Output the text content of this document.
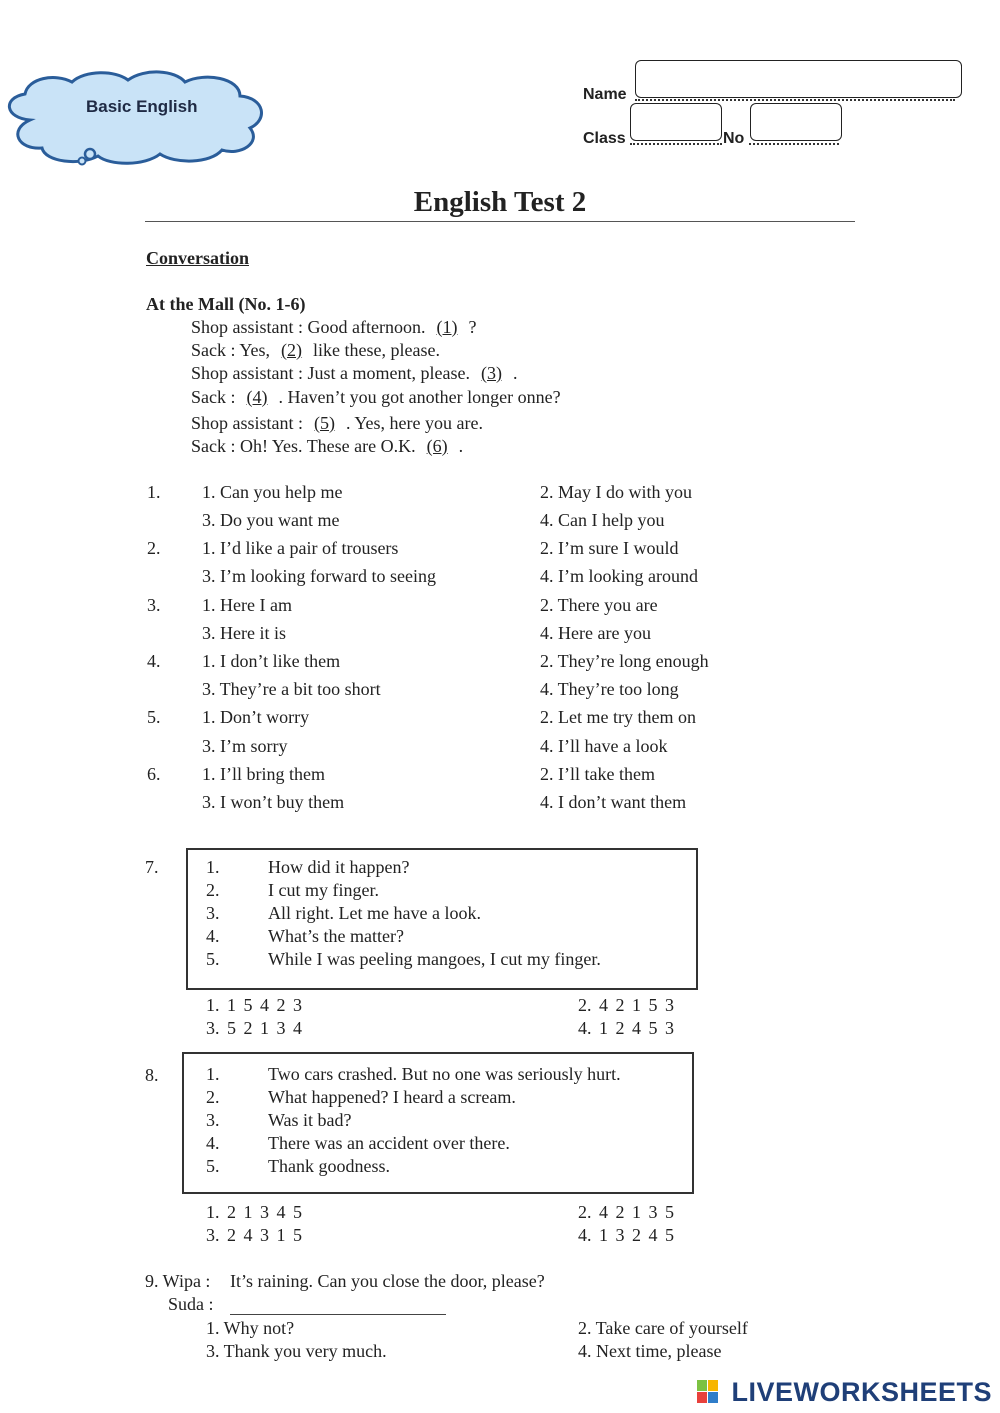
Basic English
Name
Class	No
English Test 2
Conversation
At the Mall (No. 1-6)
Shop assistant : Good afternoon. (1) ?
Sack : Yes, (2) like these, please.
Shop assistant : Just a moment, please. (3) .
Sack : (4) . Haven’t you got another longer onne?
Shop assistant : (5) . Yes, here you are.
Sack : Oh! Yes. These are O.K. (6) .
1. 1. Can you help me	2. May I do with you
3. Do you want me	4. Can I help you
2. 1. I’d like a pair of trousers	2. I’m sure I would
3. I’m looking forward to seeing	4. I’m looking around
3. 1. Here I am	2. There you are
3. Here it is	4. Here are you
4. 1. I don’t like them	2. They’re long enough
3. They’re a bit too short	4. They’re too long
5. 1. Don’t worry	2. Let me try them on
3. I’m sorry	4. I’ll have a look
6. 1. I’ll bring them	2. I’ll take them
3. I won’t buy them	4. I don’t want them
7.	1.	How did it happen?
2.	I cut my finger.
3.	All right. Let me have a look.
4.	What’s the matter?
5.	While I was peeling mangoes, I cut my finger.
1. 1 5 4 2 3	2. 4 2 1 5 3
3. 5 2 1 3 4	4. 1 2 4 5 3
8.	1.	Two cars crashed. But no one was seriously hurt.
2.	What happened? I heard a scream.
3.	Was it bad?
4.	There was an accident over there.
5.	Thank goodness.
1. 2 1 3 4 5	2. 4 2 1 3 5
3. 2 4 3 1 5	4. 1 3 2 4 5
9. Wipa : It’s raining. Can you close the door, please?
Suda :
1. Why not?	2. Take care of yourself
3. Thank you very much.	4. Next time, please
LIVEWORKSHEETS
